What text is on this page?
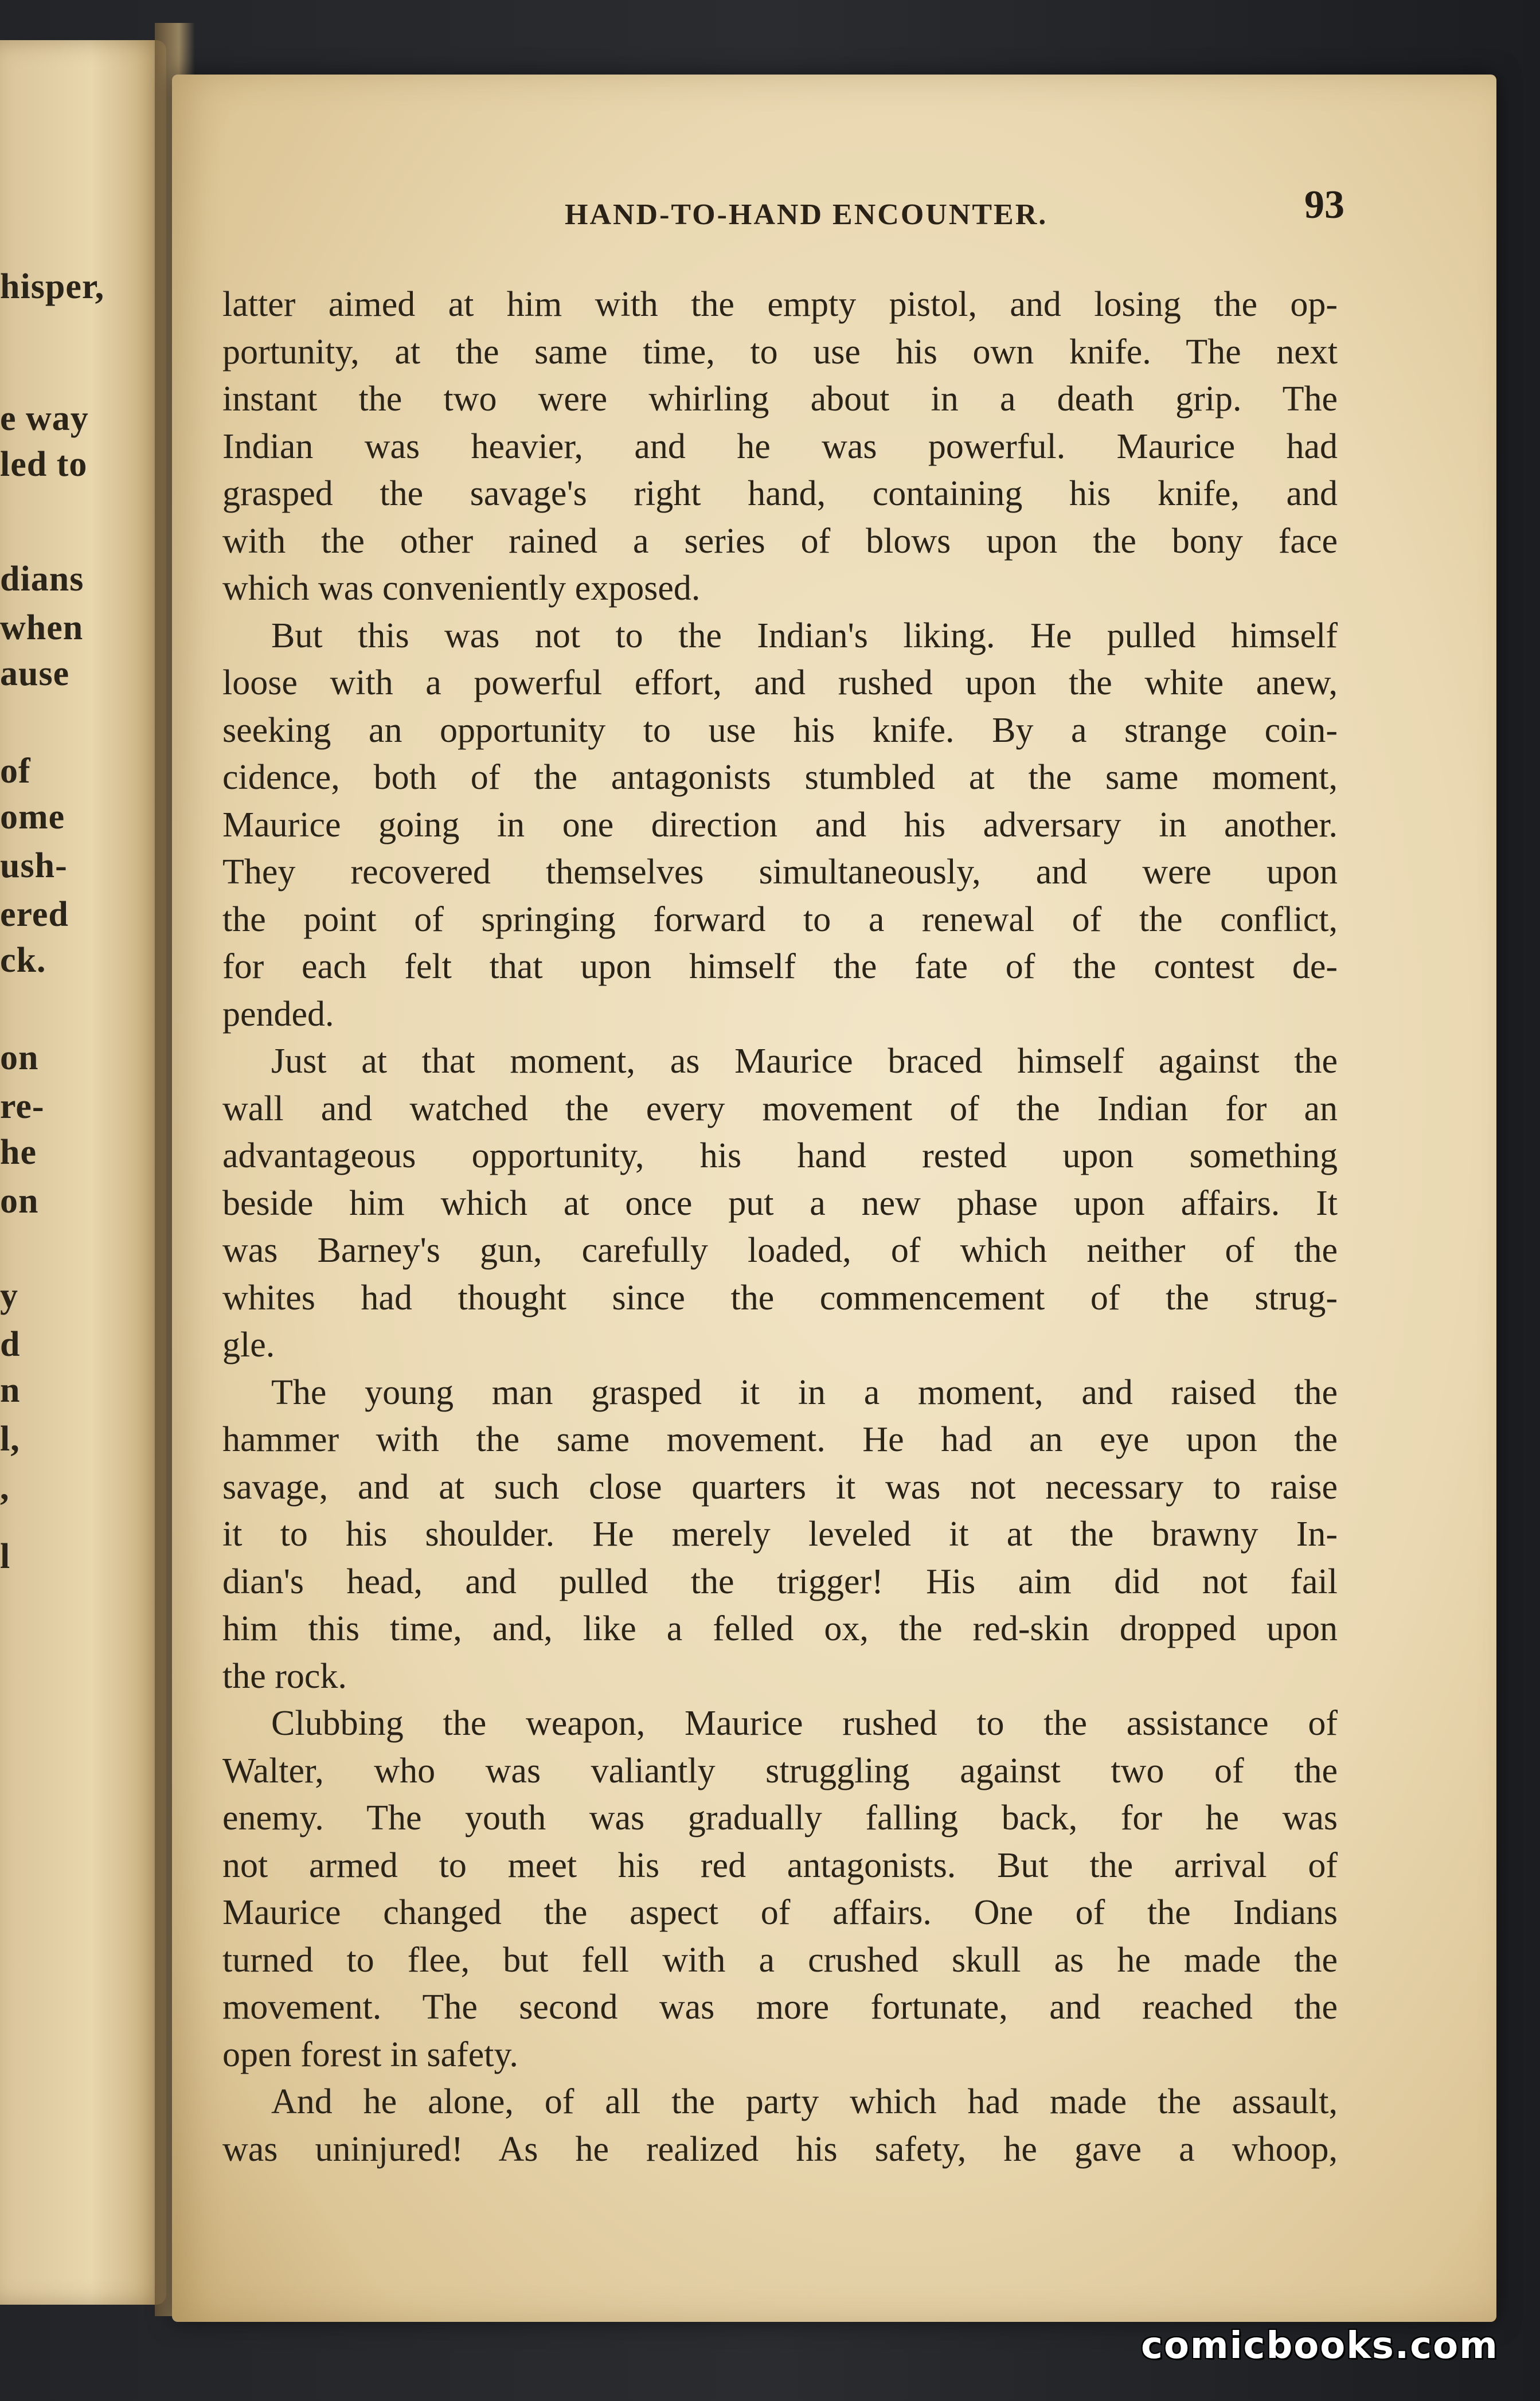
hisper,
e way
led to
dians
when
ause
of
ome
ush-
ered
ck.
on
re-
he
on
y
d
n
l,
,
l
HAND-TO-HAND ENCOUNTER.	93
latter aimed at him with the empty pistol, and losing the op-
portunity, at the same time, to use his own knife. The next
instant the two were whirling about in a death grip. The
Indian was heavier, and he was powerful. Maurice had
grasped the savage's right hand, containing his knife, and
with the other rained a series of blows upon the bony face
which was conveniently exposed.
But this was not to the Indian's liking. He pulled himself
loose with a powerful effort, and rushed upon the white anew,
seeking an opportunity to use his knife. By a strange coin-
cidence, both of the antagonists stumbled at the same moment,
Maurice going in one direction and his adversary in another.
They recovered themselves simultaneously, and were upon
the point of springing forward to a renewal of the conflict,
for each felt that upon himself the fate of the contest de-
pended.
Just at that moment, as Maurice braced himself against the
wall and watched the every movement of the Indian for an
advantageous opportunity, his hand rested upon something
beside him which at once put a new phase upon affairs. It
was Barney's gun, carefully loaded, of which neither of the
whites had thought since the commencement of the strug-
gle.
The young man grasped it in a moment, and raised the
hammer with the same movement. He had an eye upon the
savage, and at such close quarters it was not necessary to raise
it to his shoulder. He merely leveled it at the brawny In-
dian's head, and pulled the trigger! His aim did not fail
him this time, and, like a felled ox, the red-skin dropped upon
the rock.
Clubbing the weapon, Maurice rushed to the assistance of
Walter, who was valiantly struggling against two of the
enemy. The youth was gradually falling back, for he was
not armed to meet his red antagonists. But the arrival of
Maurice changed the aspect of affairs. One of the Indians
turned to flee, but fell with a crushed skull as he made the
movement. The second was more fortunate, and reached the
open forest in safety.
And he alone, of all the party which had made the assault,
was uninjured! As he realized his safety, he gave a whoop,
comicbooks.com
